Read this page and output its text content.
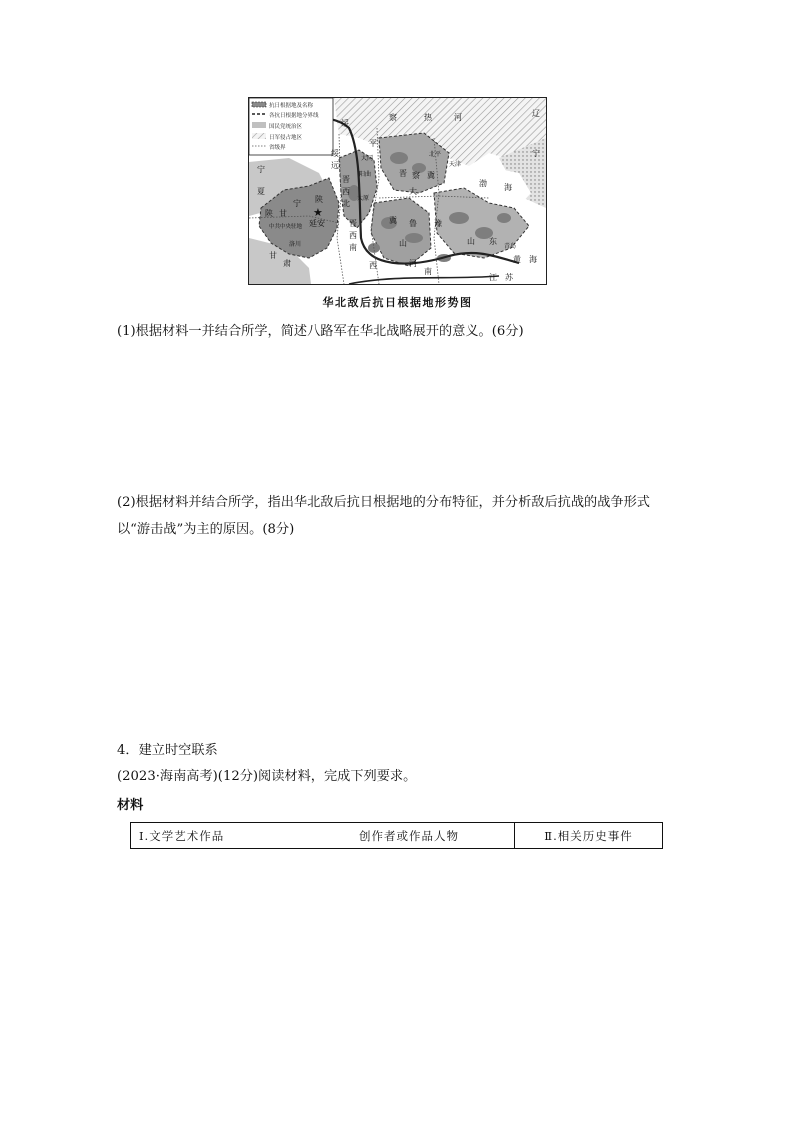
★
抗日根据地及名称
各抗日根据地分界线
国民党统治区
日军侵占地区
省级界
绥
察	热	河	辽
宁
平
晋 察 冀
天津
北平
渤 海
宁
夏
陕 甘
宁 陕
延安
中共中央驻地
晋
西
北
太原
绥
远
晋
西
南
冀 鲁 豫
山 东
青岛
黄 海
河
南
江 苏
甘
肃
洛川
阳曲
大
大同
山
西
华北敌后抗日根据地形势图
(1)根据材料一并结合所学，简述八路军在华北战略展开的意义。(6分)
(2)根据材料并结合所学，指出华北敌后抗日根据地的分布特征，并分析敌后抗战的战争形式以“游击战”为主的原因。(8分)
4．建立时空联系
(2023·海南高考)(12分)阅读材料，完成下列要求。
材料
Ⅰ.文学艺术作品	创作者或作品人物	Ⅱ.相关历史事件
